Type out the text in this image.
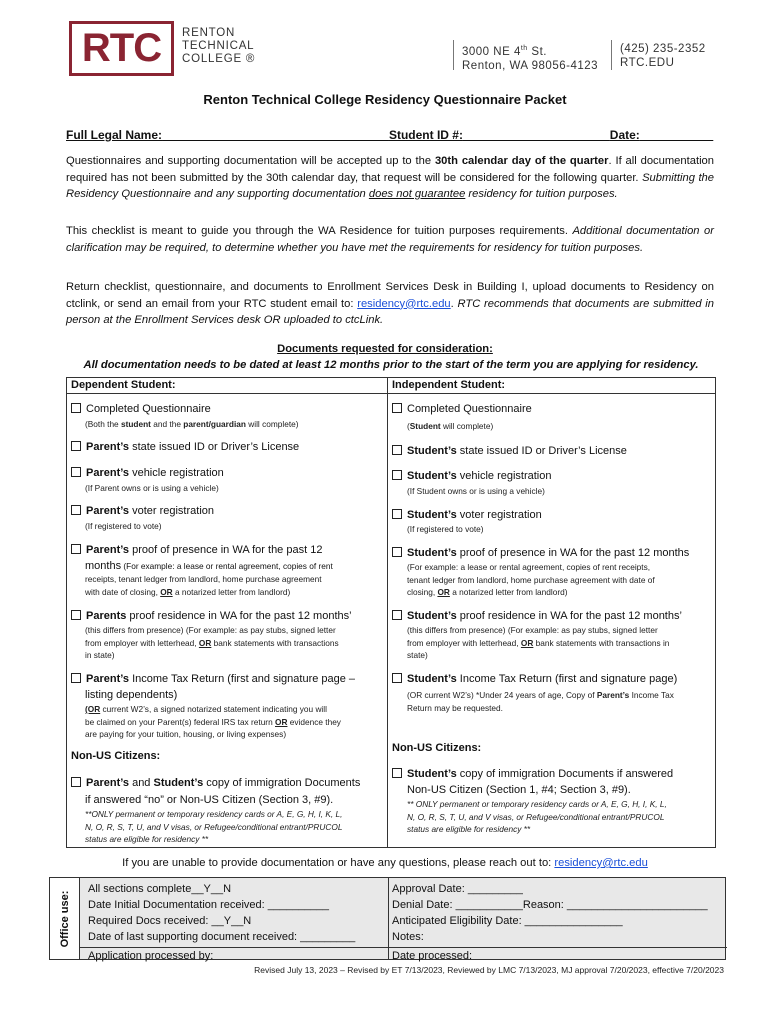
RTC RENTON
TECHNICAL
COLLEGE ®
3000 NE 4th St.
Renton, WA 98056-4123
(425) 235-2352
RTC.EDU
Renton Technical College Residency Questionnaire Packet
Full Legal Name:__________________________________Student ID #:______________________Date:___________
Questionnaires and supporting documentation will be accepted up to the 30th calendar day of the quarter. If all documentation required has not been submitted by the 30th calendar day, that request will be considered for the following quarter. Submitting the Residency Questionnaire and any supporting documentation does not guarantee residency for tuition purposes.
This checklist is meant to guide you through the WA Residence for tuition purposes requirements. Additional documentation or clarification may be required, to determine whether you have met the requirements for residency for tuition purposes.
Return checklist, questionnaire, and documents to Enrollment Services Desk in Building I, upload documents to Residency on ctclink, or send an email from your RTC student email to: residency@rtc.edu. RTC recommends that documents are submitted in person at the Enrollment Services desk OR uploaded to ctcLink.
Documents requested for consideration:
All documentation needs to be dated at least 12 months prior to the start of the term you are applying for residency.
Dependent Student:	Independent Student:
Completed Questionnaire
(Both the student and the parent/guardian will complete)
Parent’s state issued ID or Driver’s License
Parent’s vehicle registration
(If Parent owns or is using a vehicle)
Parent’s voter registration
(If registered to vote)
Parent’s proof of presence in WA for the past 12
months (For example: a lease or rental agreement, copies of rent
receipts, tenant ledger from landlord, home purchase agreement
with date of closing, OR a notarized letter from landlord)
Parents proof residence in WA for the past 12 months’
(this differs from presence) (For example: as pay stubs, signed letter
from employer with letterhead, OR bank statements with transactions
in state)
Parent’s Income Tax Return (first and signature page –
listing dependents)
(OR current W2’s, a signed notarized statement indicating you will
be claimed on your Parent(s) federal IRS tax return OR evidence they
are paying for your tuition, housing, or living expenses)
Non-US Citizens:
Parent’s and Student’s copy of immigration Documents
if answered “no” or Non-US Citizen (Section 3, #9).
**ONLY permanent or temporary residency cards or A, E, G, H, I, K, L,
N, O, R, S, T, U, and V visas, or Refugee/conditional entrant/PRUCOL
status are eligible for residency **
Completed Questionnaire
(Student will complete)
Student’s state issued ID or Driver’s License
Student’s vehicle registration
(If Student owns or is using a vehicle)
Student’s voter registration
(If registered to vote)
Student’s proof of presence in WA for the past 12 months
(For example: a lease or rental agreement, copies of rent receipts,
tenant ledger from landlord, home purchase agreement with date of
closing, OR a notarized letter from landlord)
Student’s proof residence in WA for the past 12 months’
(this differs from presence) (For example: as pay stubs, signed letter
from employer with letterhead, OR bank statements with transactions in
state)
Student’s Income Tax Return (first and signature page)
(OR current W2’s) *Under 24 years of age, Copy of Parent’s Income Tax
Return may be requested.
Non-US Citizens:
Student’s copy of immigration Documents if answered
Non-US Citizen (Section 1, #4; Section 3, #9).
** ONLY permanent or temporary residency cards or A, E, G, H, I, K, L,
N, O, R, S, T, U, and V visas, or Refugee/conditional entrant/PRUCOL
status are eligible for residency **
If you are unable to provide documentation or have any questions, please reach out to: residency@rtc.edu
Office use:
All sections complete__Y__N
Date Initial Documentation received: __________
Required Docs received: __Y__N
Date of last supporting document received: _________
Approval Date: _________
Denial Date: ___________Reason: _______________________
Anticipated Eligibility Date: ________________
Notes:
Application processed by:	Date processed:
Revised July 13, 2023 – Revised by ET 7/13/2023, Reviewed by LMC 7/13/2023, MJ approval 7/20/2023, effective 7/20/2023
